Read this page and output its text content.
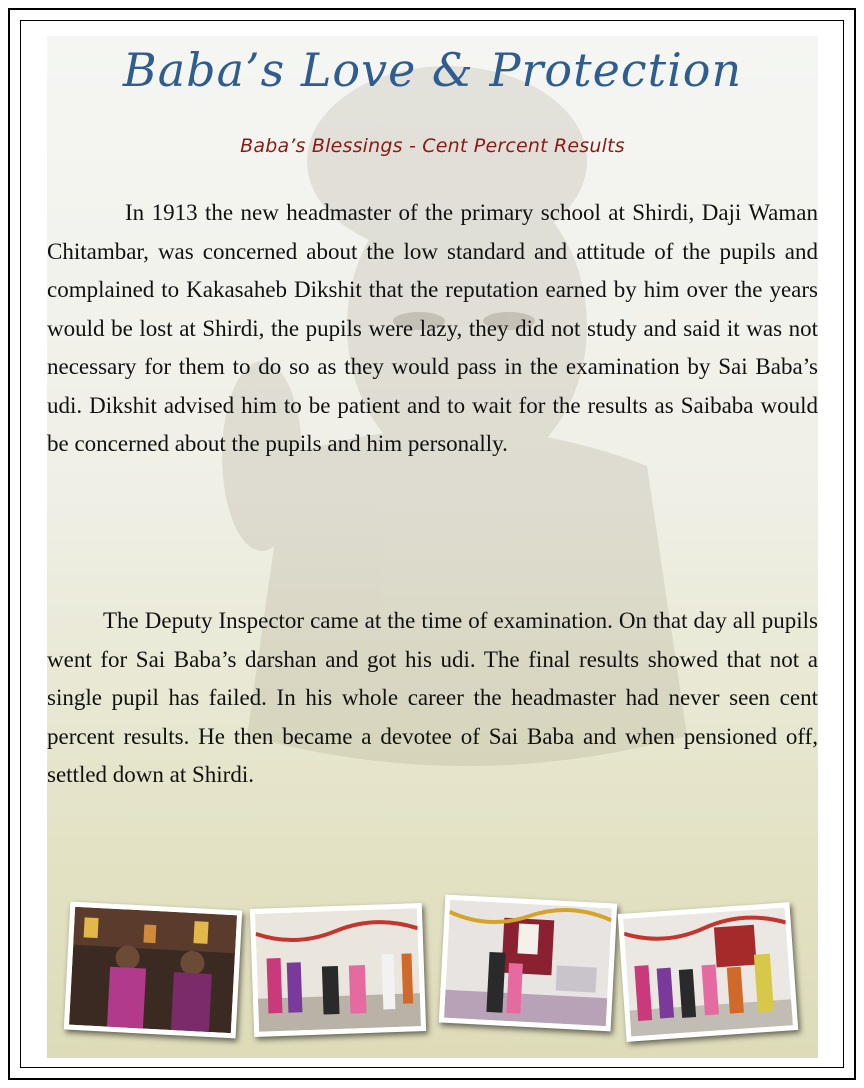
Baba’s Love & Protection
Baba’s Blessings - Cent Percent Results

In 1913 the new headmaster of the primary school at Shirdi, Daji Waman Chitambar, was concerned about the low standard and attitude of the pupils and complained to Kakasaheb Dikshit that the reputation earned by him over the years would be lost at Shirdi, the pupils were lazy, they did not study and said it was not necessary for them to do so as they would pass in the examination by Sai Baba’s udi. Dikshit advised him to be patient and to wait for the results as Saibaba would be concerned about the pupils and him personally.

The Deputy Inspector came at the time of examination. On that day all pupils went for Sai Baba’s darshan and got his udi. The final results showed that not a single pupil has failed. In his whole career the headmaster had never seen cent percent results. He then became a devotee of Sai Baba and when pensioned off, settled down at Shirdi.
